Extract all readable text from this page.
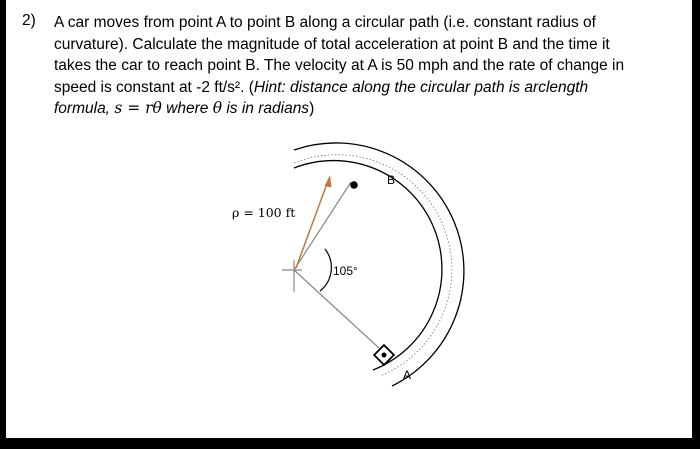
2) A car moves from point A to point B along a circular path (i.e. constant radius of
curvature). Calculate the magnitude of total acceleration at point B and the time it
takes the car to reach point B. The velocity at A is 50 mph and the rate of change in
speed is constant at -2 ft/s². (Hint: distance along the circular path is arclength
formula, s = rθ where θ is in radians)
B
A
ρ = 100 ft
105°
